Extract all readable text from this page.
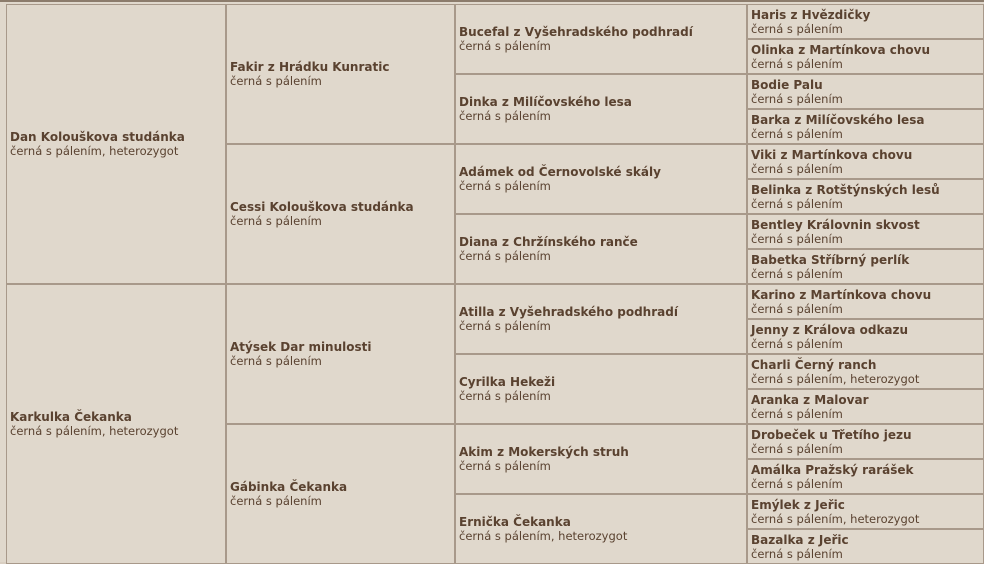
Dan Kolouškova studánka
černá s pálením, heterozygot
Karkulka Čekanka
černá s pálením, heterozygot
Fakir z Hrádku Kunratic
černá s pálením
Cessi Kolouškova studánka
černá s pálením
Atýsek Dar minulosti
černá s pálením
Gábinka Čekanka
černá s pálením
Bucefal z Vyšehradského podhradí
černá s pálením
Dinka z Milíčovského lesa
černá s pálením
Adámek od Černovolské skály
černá s pálením
Diana z Chržínského ranče
černá s pálením
Atilla z Vyšehradského podhradí
černá s pálením
Cyrilka Hekeži
černá s pálením
Akim z Mokerských struh
černá s pálením
Ernička Čekanka
černá s pálením, heterozygot
Haris z Hvězdičky
černá s pálením
Olinka z Martínkova chovu
černá s pálením
Bodie Palu
černá s pálením
Barka z Milíčovského lesa
černá s pálením
Viki z Martínkova chovu
černá s pálením
Belinka z Rotštýnských lesů
černá s pálením
Bentley Královnin skvost
černá s pálením
Babetka Stříbrný perlík
černá s pálením
Karino z Martínkova chovu
černá s pálením
Jenny z Králova odkazu
černá s pálením
Charli Černý ranch
černá s pálením, heterozygot
Aranka z Malovar
černá s pálením
Drobeček u Třetího jezu
černá s pálením
Amálka Pražský rarášek
černá s pálením
Emýlek z Jeřic
černá s pálením, heterozygot
Bazalka z Jeřic
černá s pálením
